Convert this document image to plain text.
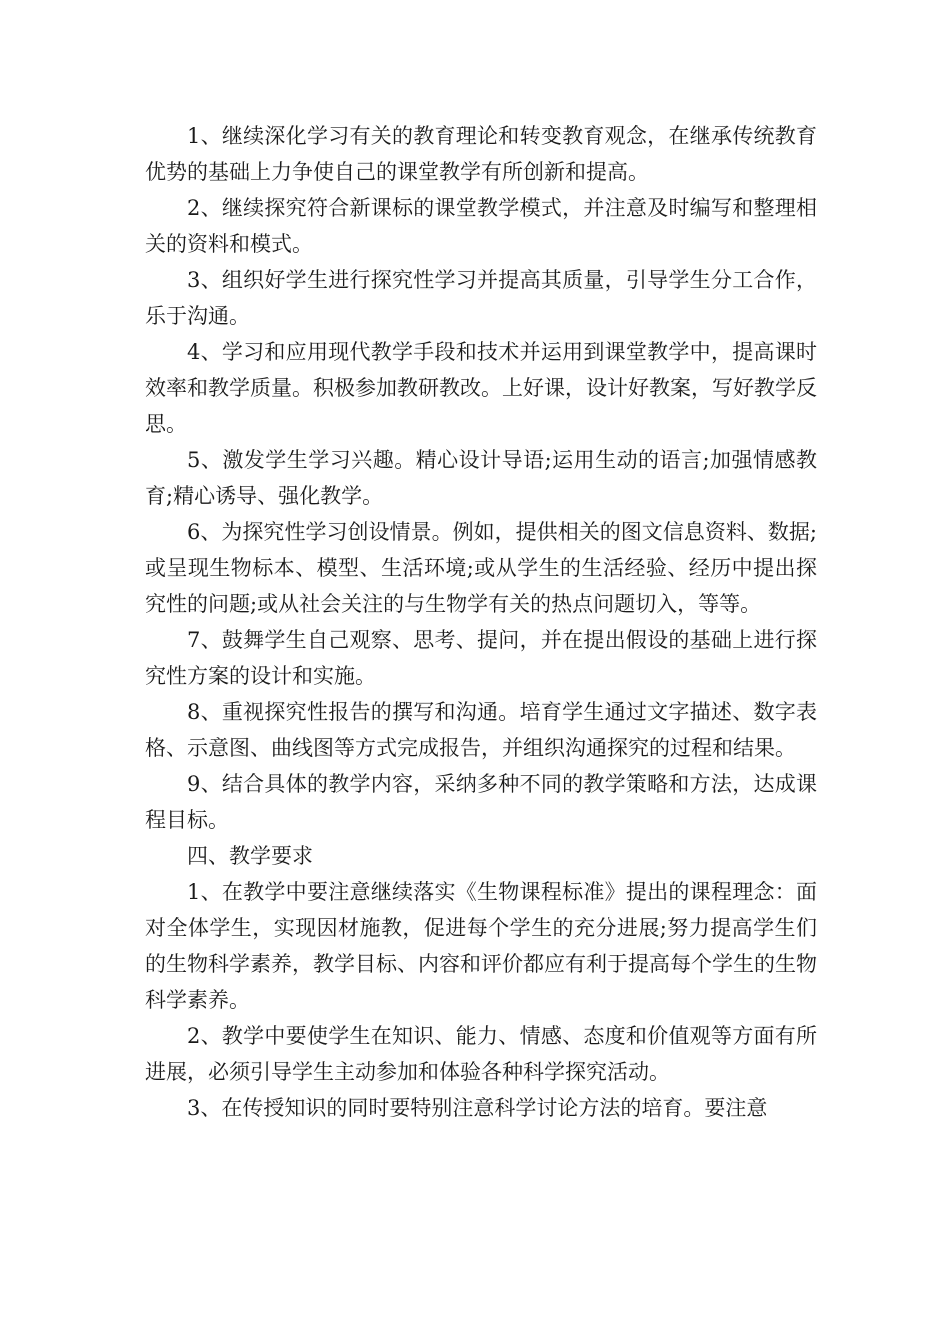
1、继续深化学习有关的教育理论和转变教育观念，在继承传统教育优势的基础上力争使自己的课堂教学有所创新和提高。

2、继续探究符合新课标的课堂教学模式，并注意及时编写和整理相关的资料和模式。

3、组织好学生进行探究性学习并提高其质量，引导学生分工合作，乐于沟通。

4、学习和应用现代教学手段和技术并运用到课堂教学中，提高课时效率和教学质量。积极参加教研教改。上好课，设计好教案，写好教学反思。

5、激发学生学习兴趣。精心设计导语;运用生动的语言;加强情感教育;精心诱导、强化教学。

6、为探究性学习创设情景。例如，提供相关的图文信息资料、数据;或呈现生物标本、模型、生活环境;或从学生的生活经验、经历中提出探究性的问题;或从社会关注的与生物学有关的热点问题切入，等等。

7、鼓舞学生自己观察、思考、提问，并在提出假设的基础上进行探究性方案的设计和实施。

8、重视探究性报告的撰写和沟通。培育学生通过文字描述、数字表格、示意图、曲线图等方式完成报告，并组织沟通探究的过程和结果。

9、结合具体的教学内容，采纳多种不同的教学策略和方法，达成课程目标。

四、教学要求

1、在教学中要注意继续落实《生物课程标准》提出的课程理念：面对全体学生，实现因材施教，促进每个学生的充分进展;努力提高学生们的生物科学素养，教学目标、内容和评价都应有利于提高每个学生的生物科学素养。

2、教学中要使学生在知识、能力、情感、态度和价值观等方面有所进展，必须引导学生主动参加和体验各种科学探究活动。

3、在传授知识的同时要特别注意科学讨论方法的培育。要注意
